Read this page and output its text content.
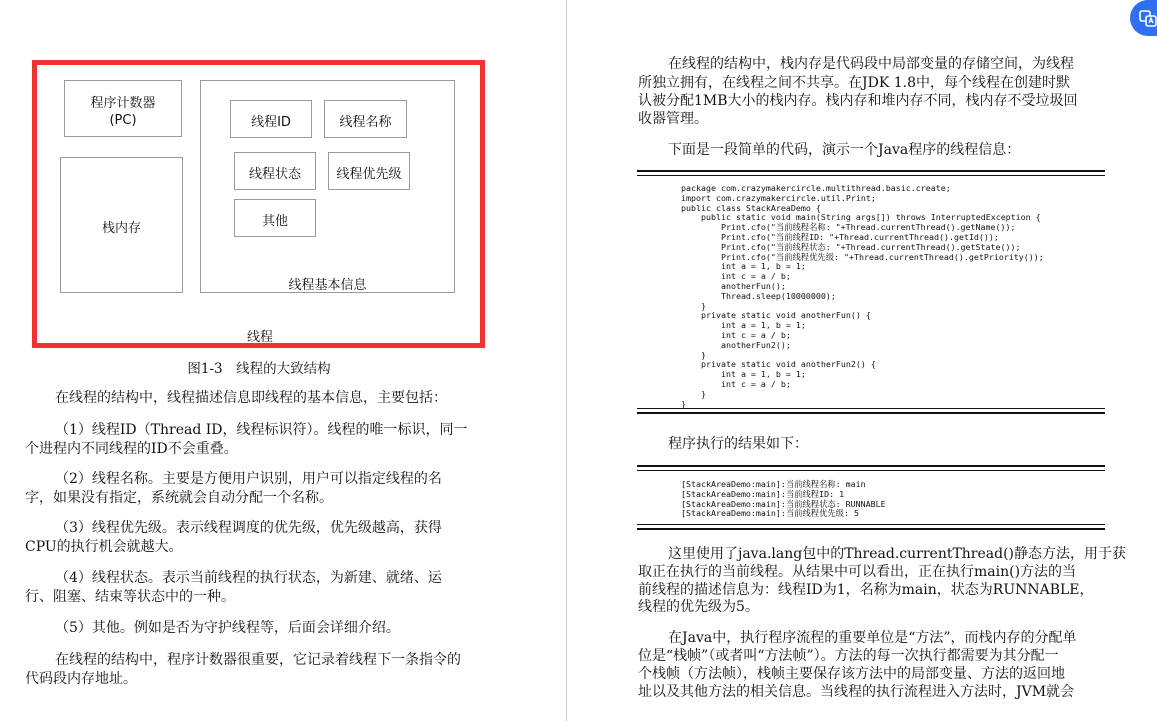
程序计数器
(PC)
栈内存
线程ID	线程名称
线程状态	线程优先级
其他
线程基本信息
线程
图1-3　线程的大致结构
在线程的结构中，线程描述信息即线程的基本信息，主要包括：
（1）线程ID（Thread ID，线程标识符）。线程的唯一标识，同一
个进程内不同线程的ID不会重叠。
（2）线程名称。主要是方便用户识别，用户可以指定线程的名
字，如果没有指定，系统就会自动分配一个名称。
（3）线程优先级。表示线程调度的优先级，优先级越高，获得
CPU的执行机会就越大。
（4）线程状态。表示当前线程的执行状态，为新建、就绪、运
行、阻塞、结束等状态中的一种。
（5）其他。例如是否为守护线程等，后面会详细介绍。
在线程的结构中，程序计数器很重要，它记录着线程下一条指令的
代码段内存地址。
在线程的结构中，栈内存是代码段中局部变量的存储空间，为线程
所独立拥有，在线程之间不共享。在JDK 1.8中，每个线程在创建时默
认被分配1MB大小的栈内存。栈内存和堆内存不同，栈内存不受垃圾回
收器管理。
下面是一段简单的代码，演示一个Java程序的线程信息：
package com.crazymakercircle.multithread.basic.create;
import com.crazymakercircle.util.Print;
public class StackAreaDemo {
public static void main(String args[]) throws InterruptedException {
Print.cfo("当前线程名称: "+Thread.currentThread().getName());
Print.cfo("当前线程ID: "+Thread.currentThread().getId());
Print.cfo("当前线程状态: "+Thread.currentThread().getState());
Print.cfo("当前线程优先级: "+Thread.currentThread().getPriority());
int a = 1, b = 1;
int c = a / b;
anotherFun();
Thread.sleep(10000000);
}
private static void anotherFun() {
int a = 1, b = 1;
int c = a / b;
anotherFun2();
}
private static void anotherFun2() {
int a = 1, b = 1;
int c = a / b;
}
}
程序执行的结果如下：
[StackAreaDemo:main]:当前线程名称: main
[StackAreaDemo:main]:当前线程ID: 1
[StackAreaDemo:main]:当前线程状态: RUNNABLE
[StackAreaDemo:main]:当前线程优先级: 5
这里使用了java.lang包中的Thread.currentThread()静态方法，用于获
取正在执行的当前线程。从结果中可以看出，正在执行main()方法的当
前线程的描述信息为：线程ID为1，名称为main，状态为RUNNABLE，
线程的优先级为5。
在Java中，执行程序流程的重要单位是“方法”，而栈内存的分配单
位是“栈帧”（或者叫“方法帧”）。方法的每一次执行都需要为其分配一
个栈帧（方法帧），栈帧主要保存该方法中的局部变量、方法的返回地
址以及其他方法的相关信息。当线程的执行流程进入方法时，JVM就会
